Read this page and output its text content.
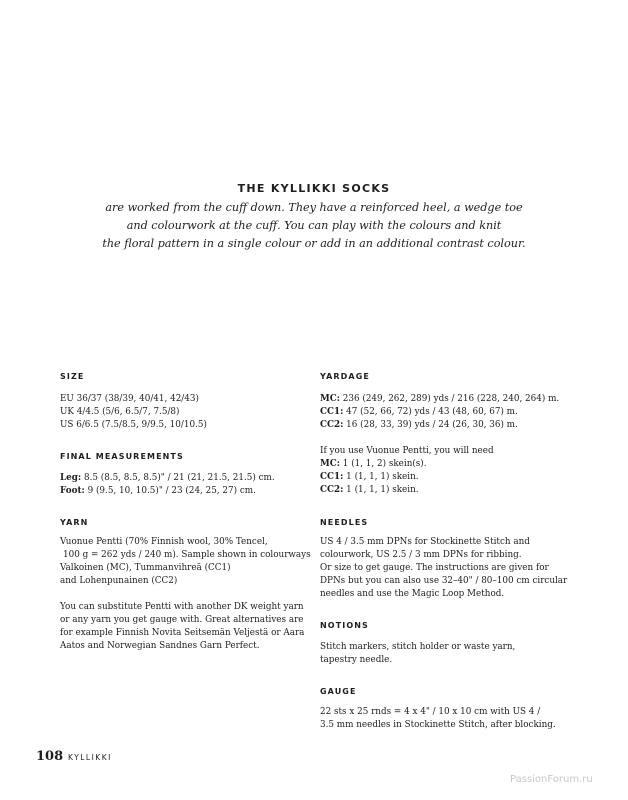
THE KYLLIKKI SOCKS
are worked from the cuff down. They have a reinforced heel, a wedge toe
and colourwork at the cuff. You can play with the colours and knit
the floral pattern in a single colour or add in an additional contrast colour.
SIZE
EU 36/37 (38/39, 40/41, 42/43)
UK 4/4.5 (5/6, 6.5/7, 7.5/8)
US 6/6.5 (7.5/8.5, 9/9.5, 10/10.5)
FINAL MEASUREMENTS
Leg: 8.5 (8.5, 8.5, 8.5)" / 21 (21, 21.5, 21.5) cm.
Foot: 9 (9.5, 10, 10.5)" / 23 (24, 25, 27) cm.
YARN
Vuonue Pentti (70% Finnish wool, 30% Tencel,
100 g = 262 yds / 240 m). Sample shown in colourways
Valkoinen (MC), Tummanvihreä (CC1)
and Lohenpunainen (CC2)
You can substitute Pentti with another DK weight yarn
or any yarn you get gauge with. Great alternatives are
for example Finnish Novita Seitsemän Veljestä or Aara
Aatos and Norwegian Sandnes Garn Perfect.
YARDAGE
MC: 236 (249, 262, 289) yds / 216 (228, 240, 264) m.
CC1: 47 (52, 66, 72) yds / 43 (48, 60, 67) m.
CC2: 16 (28, 33, 39) yds / 24 (26, 30, 36) m.
If you use Vuonue Pentti, you will need
MC: 1 (1, 1, 2) skein(s).
CC1: 1 (1, 1, 1) skein.
CC2: 1 (1, 1, 1) skein.
NEEDLES
US 4 / 3.5 mm DPNs for Stockinette Stitch and
colourwork, US 2.5 / 3 mm DPNs for ribbing.
Or size to get gauge. The instructions are given for
DPNs but you can also use 32–40" / 80–100 cm circular
needles and use the Magic Loop Method.
NOTIONS
Stitch markers, stitch holder or waste yarn,
tapestry needle.
GAUGE
22 sts x 25 rnds = 4 x 4" / 10 x 10 cm with US 4 /
3.5 mm needles in Stockinette Stitch, after blocking.
108 KYLLIKKI
PassionForum.ru
